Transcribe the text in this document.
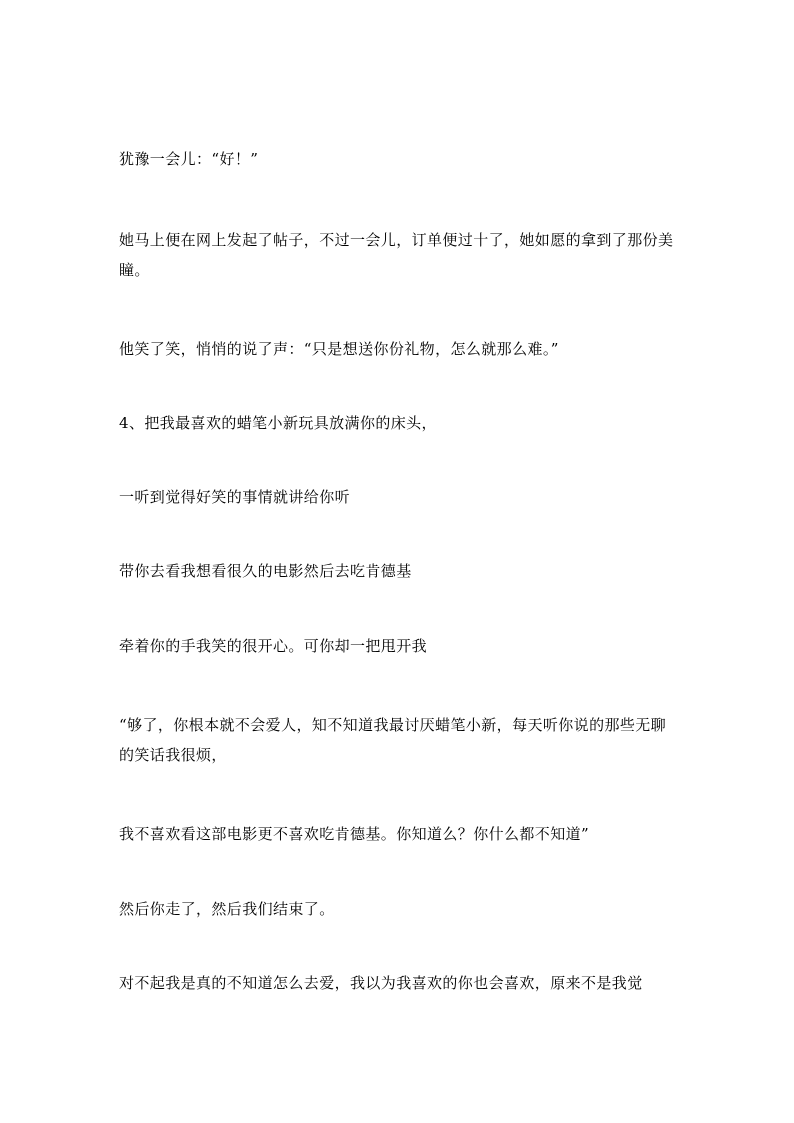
犹豫一会儿：“好！”

她马上便在网上发起了帖子，不过一会儿，订单便过十了，她如愿的拿到了那份美瞳。

他笑了笑，悄悄的说了声：“只是想送你份礼物，怎么就那么难。”

4、把我最喜欢的蜡笔小新玩具放满你的床头，

一听到觉得好笑的事情就讲给你听

带你去看我想看很久的电影然后去吃肯德基

牵着你的手我笑的很开心。可你却一把甩开我

“够了，你根本就不会爱人，知不知道我最讨厌蜡笔小新，每天听你说的那些无聊的笑话我很烦，

我不喜欢看这部电影更不喜欢吃肯德基。你知道么？你什么都不知道”

然后你走了，然后我们结束了。

对不起我是真的不知道怎么去爱，我以为我喜欢的你也会喜欢，原来不是我觉
